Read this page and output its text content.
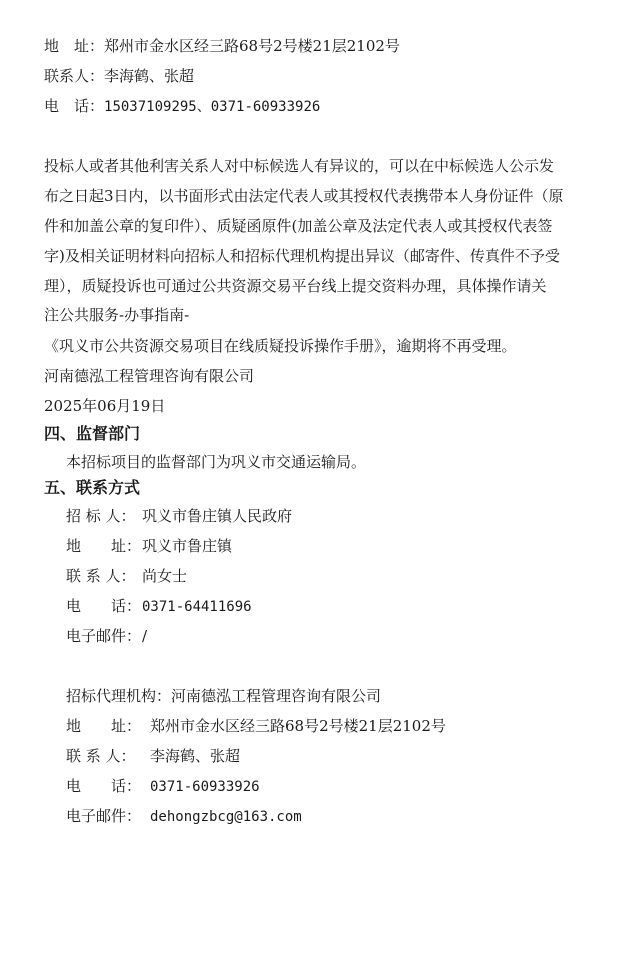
地　址：郑州市金水区经三路68号2号楼21层2102号
联系人：李海鹤、张超
电　话：15037109295、0371-60933926
投标人或者其他利害关系人对中标候选人有异议的，可以在中标候选人公示发
布之日起3日内，以书面形式由法定代表人或其授权代表携带本人身份证件（原
件和加盖公章的复印件）、质疑函原件(加盖公章及法定代表人或其授权代表签
字)及相关证明材料向招标人和招标代理机构提出异议（邮寄件、传真件不予受
理），质疑投诉也可通过公共资源交易平台线上提交资料办理，具体操作请关
注公共服务-办事指南-
《巩义市公共资源交易项目在线质疑投诉操作手册》，逾期将不再受理。
河南德泓工程管理咨询有限公司
2025年06月19日
四、监督部门
本招标项目的监督部门为巩义市交通运输局。
五、联系方式
招 标 人： 巩义市鲁庄镇人民政府
地　　址：巩义市鲁庄镇
联 系 人： 尚女士
电　　话：0371-64411696
电子邮件：/
招标代理机构：河南德泓工程管理咨询有限公司
地　　址： 郑州市金水区经三路68号2号楼21层2102号
联 系 人： 李海鹤、张超
电　　话： 0371-60933926
电子邮件： dehongzbcg@163.com
